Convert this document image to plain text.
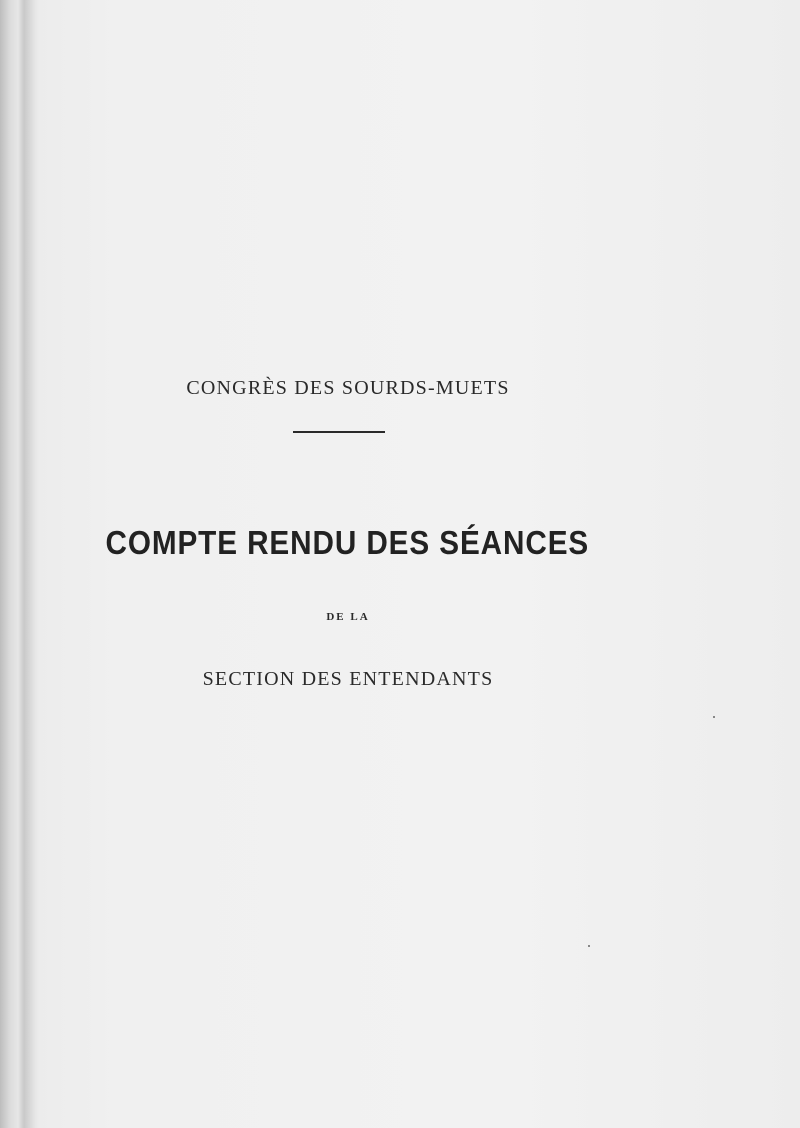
CONGRÈS DES SOURDS-MUETS
COMPTE RENDU DES SÉANCES
DE LA
SECTION DES ENTENDANTS
